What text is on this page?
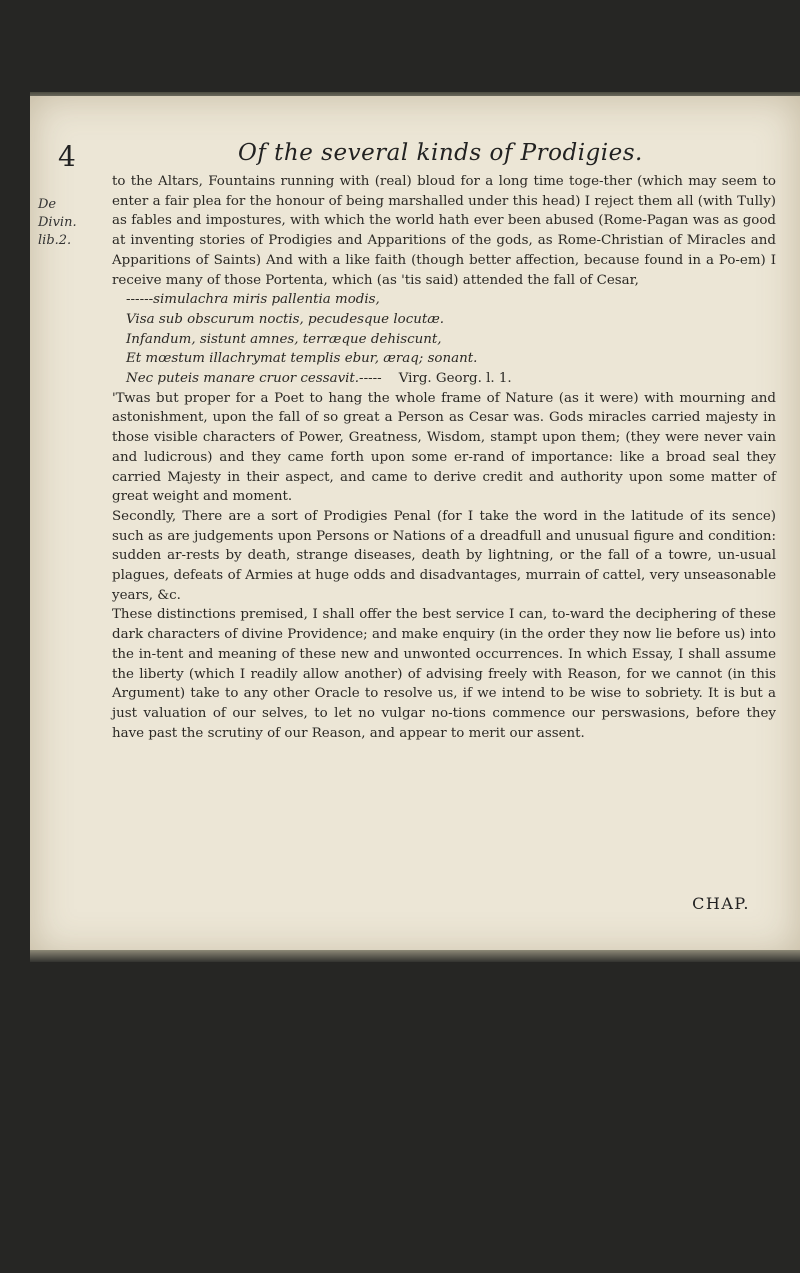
4	Of the several kinds of Prodigies.
De Divin. lib.2.

to the Altars, Fountains running with (real) bloud for a long time toge-ther (which may seem to enter a fair plea for the honour of being marshalled under this head) I reject them all (with Tully) as fables and impostures, with which the world hath ever been abused (Rome-Pagan was as good at inventing stories of Prodigies and Apparitions of the gods, as Rome-Christian of Miracles and Apparitions of Saints) And with a like faith (though better affection, because found in a Po-em) I receive many of those Portenta, which (as 'tis said) attended the fall of Cesar,

------simulachra miris pallentia modis,
Visa sub obscurum noctis, pecudesque locutæ.
Infandum, sistunt amnes, terræque dehiscunt,
Et mœstum illachrymat templis ebur, æraq; sonant.
Nec puteis manare cruor cessavit.----- Virg. Georg. l. 1.

'Twas but proper for a Poet to hang the whole frame of Nature (as it were) with mourning and astonishment, upon the fall of so great a Person as Cesar was. Gods miracles carried majesty in those visible characters of Power, Greatness, Wisdom, stampt upon them; (they were never vain and ludicrous) and they came forth upon some er-rand of importance: like a broad seal they carried Majesty in their aspect, and came to derive credit and authority upon some matter of great weight and moment.

Secondly, There are a sort of Prodigies Penal (for I take the word in the latitude of its sence) such as are judgements upon Persons or Nations of a dreadfull and unusual figure and condition: sudden ar-rests by death, strange diseases, death by lightning, or the fall of a towre, un-usual plagues, defeats of Armies at huge odds and disadvantages, murrain of cattel, very unseasonable years, &c.

These distinctions premised, I shall offer the best service I can, to-ward the deciphering of these dark characters of divine Providence; and make enquiry (in the order they now lie before us) into the in-tent and meaning of these new and unwonted occurrences. In which Essay, I shall assume the liberty (which I readily allow another) of advising freely with Reason, for we cannot (in this Argument) take to any other Oracle to resolve us, if we intend to be wise to sobriety. It is but a just valuation of our selves, to let no vulgar no-tions commence our perswasions, before they have past the scrutiny of our Reason, and appear to merit our assent.

CHAP.
